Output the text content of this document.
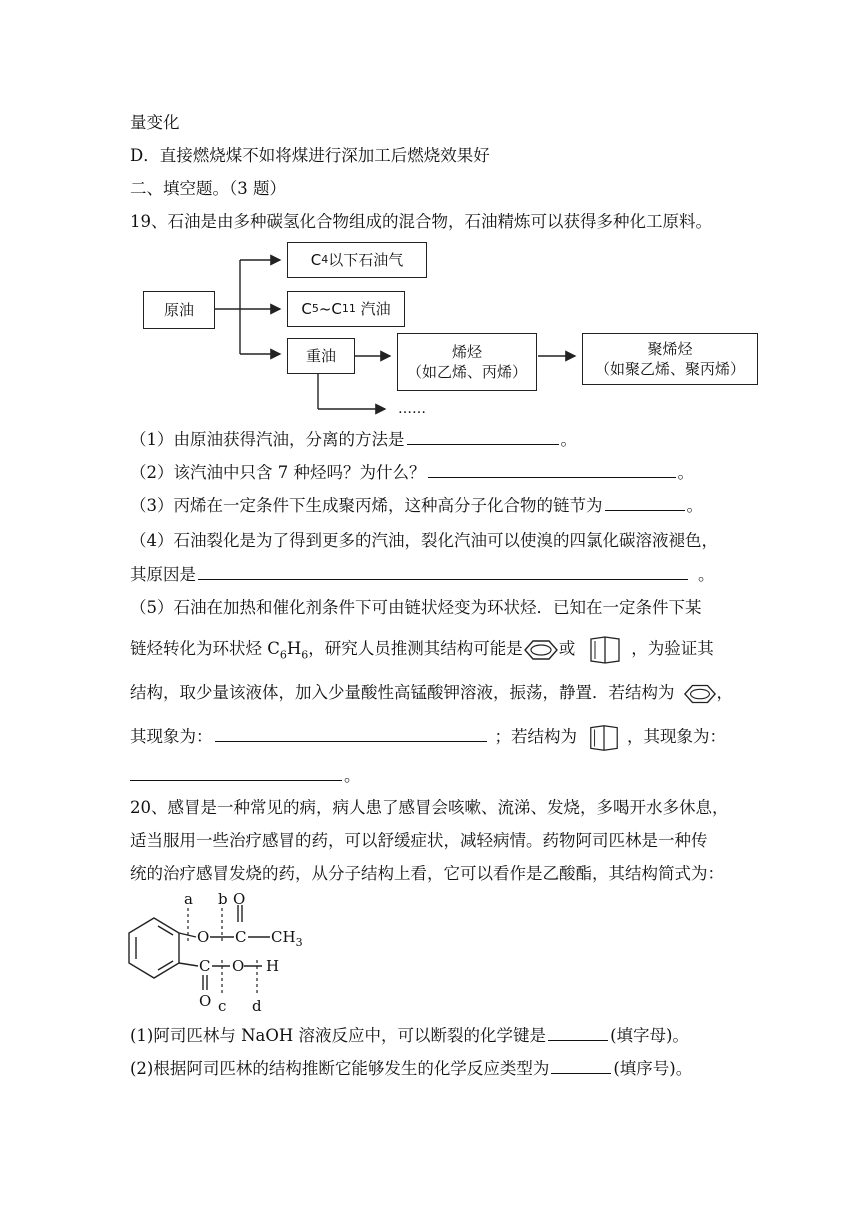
量变化
D．直接燃烧煤不如将煤进行深加工后燃烧效果好
二、填空题。（3 题）
19、石油是由多种碳氢化合物组成的混合物，石油精炼可以获得多种化工原料。
原油
C 4 以下石油气
C 5 ~C 11 汽油
重油	烯烃
（如乙烯、丙烯）
聚烯烃
（如聚乙烯、聚丙烯）
……
（1）由原油获得汽油，分离的方法是	。
（2）该汽油中只含 7 种烃吗？为什么？	。
（3）丙烯在一定条件下生成聚丙烯，这种高分子化合物的链节为	。
（4）石油裂化是为了得到更多的汽油，裂化汽油可以使溴的四氯化碳溶液褪色，
其原因是	。
（5）石油在加热和催化剂条件下可由链状烃变为环状烃．已知在一定条件下某
链烃转化为环状烃 $C_6H_6$，研究人员推测其结构可能是 或	，为验证其
结构，取少量该液体，加入少量酸性高锰酸钾溶液，振荡，静置．若结构为	，
其现象为：	；若结构为	，其现象为：
。
20、感冒是一种常见的病，病人患了感冒会咳嗽、流涕、发烧，多喝开水多休息，
适当服用一些治疗感冒的药，可以舒缓症状，减轻病情。药物阿司匹林是一种传
统的治疗感冒发烧的药，从分子结构上看，它可以看作是乙酸酯，其结构简式为：
a b O
O C $CH_3$
C O H
O c d
(1)阿司匹林与 NaOH 溶液反应中，可以断裂的化学键是	(填字母)。
(2)根据阿司匹林的结构推断它能够发生的化学反应类型为	(填序号)。
